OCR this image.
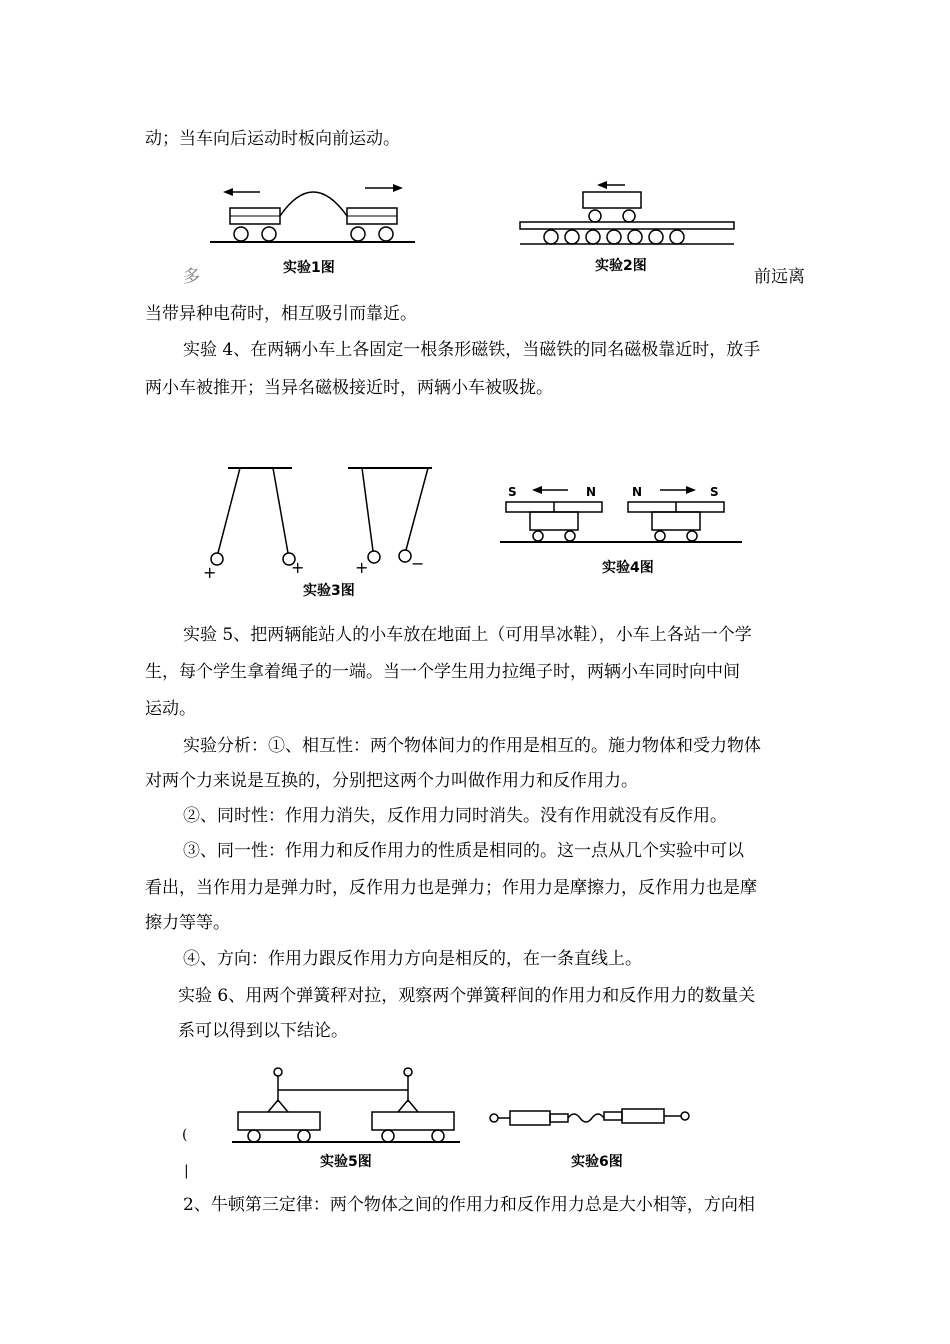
动；当车向后运动时板向前运动。
多	前远离
当带异种电荷时，相互吸引而靠近。
实验 4、在两辆小车上各固定一根条形磁铁，当磁铁的同名磁极靠近时，放手
两小车被推开；当异名磁极接近时，两辆小车被吸拢。
实验 5、把两辆能站人的小车放在地面上（可用旱冰鞋），小车上各站一个学
生，每个学生拿着绳子的一端。当一个学生用力拉绳子时，两辆小车同时向中间
运动。
实验分析：①、相互性：两个物体间力的作用是相互的。施力物体和受力物体
对两个力来说是互换的，分别把这两个力叫做作用力和反作用力。
②、同时性：作用力消失，反作用力同时消失。没有作用就没有反作用。
③、同一性：作用力和反作用力的性质是相同的。这一点从几个实验中可以
看出，当作用力是弹力时，反作用力也是弹力；作用力是摩擦力，反作用力也是摩
擦力等等。
④、方向：作用力跟反作用力方向是相反的，在一条直线上。
实验 6、用两个弹簧秤对拉，观察两个弹簧秤间的作用力和反作用力的数量关
系可以得到以下结论。
(
|
2、牛顿第三定律：两个物体之间的作用力和反作用力总是大小相等，方向相
实验1图	实验2图
+	+	+	−
实验3图
S	N	N	S
实验4图
实验5图	实验6图
